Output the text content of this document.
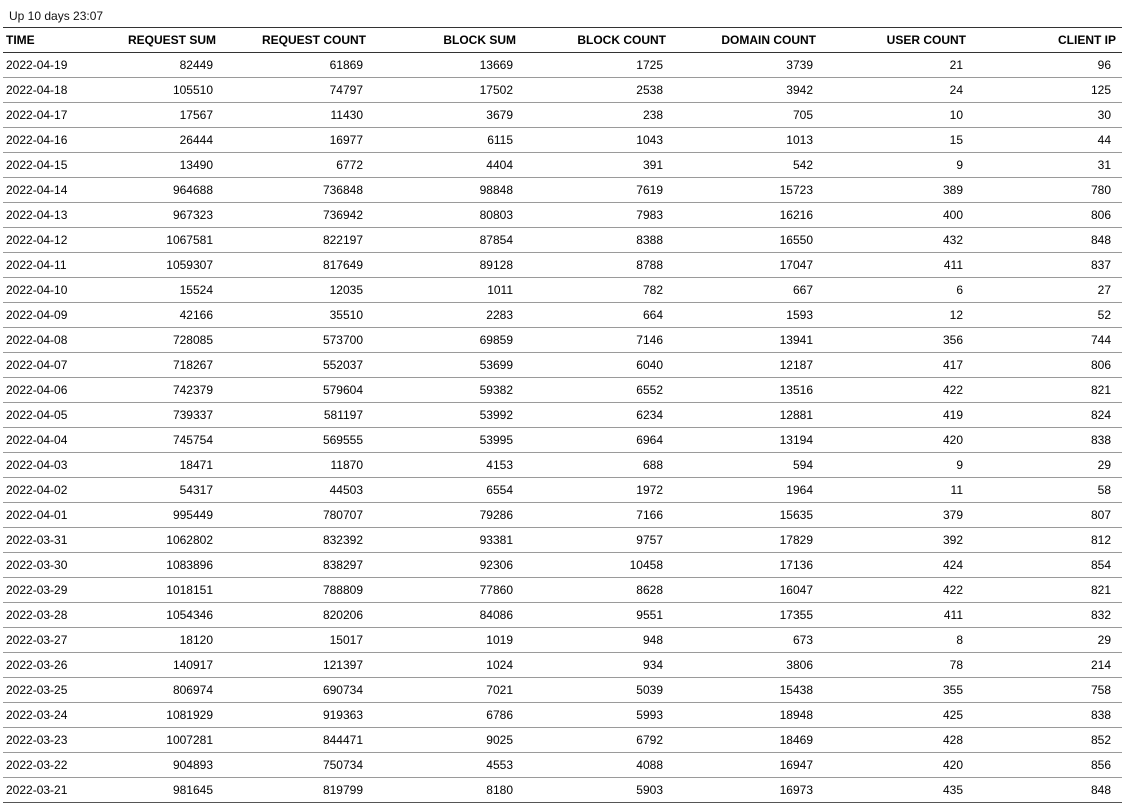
Up 10 days 23:07
TIME	REQUEST SUM	REQUEST COUNT	BLOCK SUM	BLOCK COUNT	DOMAIN COUNT	USER COUNT	CLIENT IP
2022-04-19	82449	61869	13669	1725	3739	21	96
2022-04-18	105510	74797	17502	2538	3942	24	125
2022-04-17	17567	11430	3679	238	705	10	30
2022-04-16	26444	16977	6115	1043	1013	15	44
2022-04-15	13490	6772	4404	391	542	9	31
2022-04-14	964688	736848	98848	7619	15723	389	780
2022-04-13	967323	736942	80803	7983	16216	400	806
2022-04-12	1067581	822197	87854	8388	16550	432	848
2022-04-11	1059307	817649	89128	8788	17047	411	837
2022-04-10	15524	12035	1011	782	667	6	27
2022-04-09	42166	35510	2283	664	1593	12	52
2022-04-08	728085	573700	69859	7146	13941	356	744
2022-04-07	718267	552037	53699	6040	12187	417	806
2022-04-06	742379	579604	59382	6552	13516	422	821
2022-04-05	739337	581197	53992	6234	12881	419	824
2022-04-04	745754	569555	53995	6964	13194	420	838
2022-04-03	18471	11870	4153	688	594	9	29
2022-04-02	54317	44503	6554	1972	1964	11	58
2022-04-01	995449	780707	79286	7166	15635	379	807
2022-03-31	1062802	832392	93381	9757	17829	392	812
2022-03-30	1083896	838297	92306	10458	17136	424	854
2022-03-29	1018151	788809	77860	8628	16047	422	821
2022-03-28	1054346	820206	84086	9551	17355	411	832
2022-03-27	18120	15017	1019	948	673	8	29
2022-03-26	140917	121397	1024	934	3806	78	214
2022-03-25	806974	690734	7021	5039	15438	355	758
2022-03-24	1081929	919363	6786	5993	18948	425	838
2022-03-23	1007281	844471	9025	6792	18469	428	852
2022-03-22	904893	750734	4553	4088	16947	420	856
2022-03-21	981645	819799	8180	5903	16973	435	848
